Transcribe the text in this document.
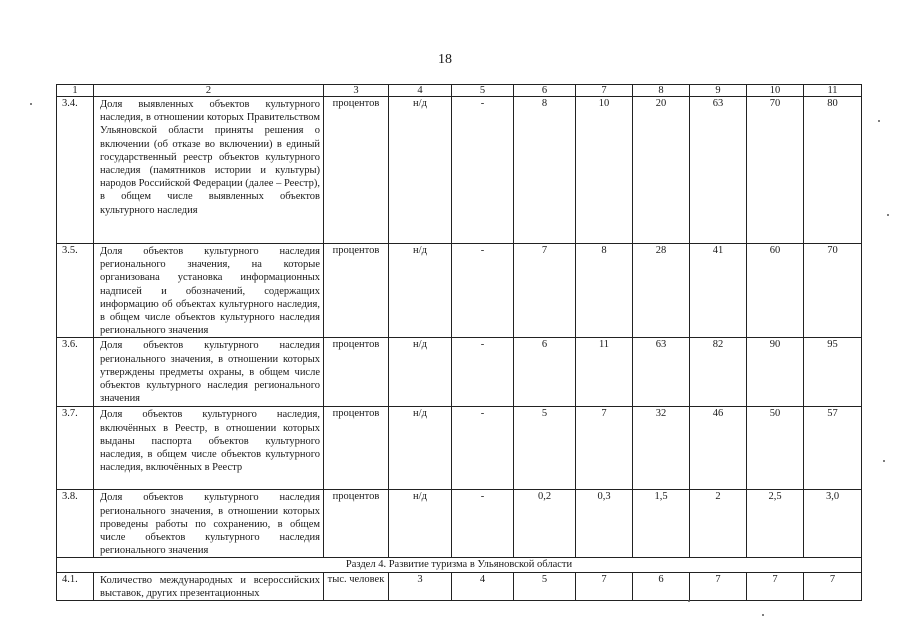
18
1	2	3	4	5	6	7	8	9	10	11
3.4.	Доля выявленных объектов культурного наследия, в отношении которых Правительством Ульяновской области приняты решения о включении (об отказе во включении) в единый государственный реестр объектов культурного наследия (памятников истории и культуры) народов Российской Федерации (далее – Реестр), в общем числе выявленных объектов культурного наследия	процентов	н/д	-	8	10	20	63	70	80
3.5.	Доля объектов культурного наследия регионального значения, на которые организована установка информационных надписей и обозначений, содержащих информацию об объектах культурного наследия, в общем числе объектов культурного наследия регионального значения	процентов	н/д	-	7	8	28	41	60	70
3.6.	Доля объектов культурного наследия регионального значения, в отношении которых утверждены предметы охраны, в общем числе объектов культурного наследия регионального значения	процентов	н/д	-	6	11	63	82	90	95
3.7.	Доля объектов культурного наследия, включённых в Реестр, в отношении которых выданы паспорта объектов культурного наследия, в общем числе объектов культурного наследия, включённых в Реестр	процентов	н/д	-	5	7	32	46	50	57
3.8.	Доля объектов культурного наследия регионального значения, в отношении которых проведены работы по сохранению, в общем числе объектов культурного наследия регионального значения	процентов	н/д	-	0,2	0,3	1,5	2	2,5	3,0
Раздел 4. Развитие туризма в Ульяновской области										
4.1.	Количество международных и всероссийских выставок, других презентационных	тыс. человек	3	4	5	7	6	7	7	7
